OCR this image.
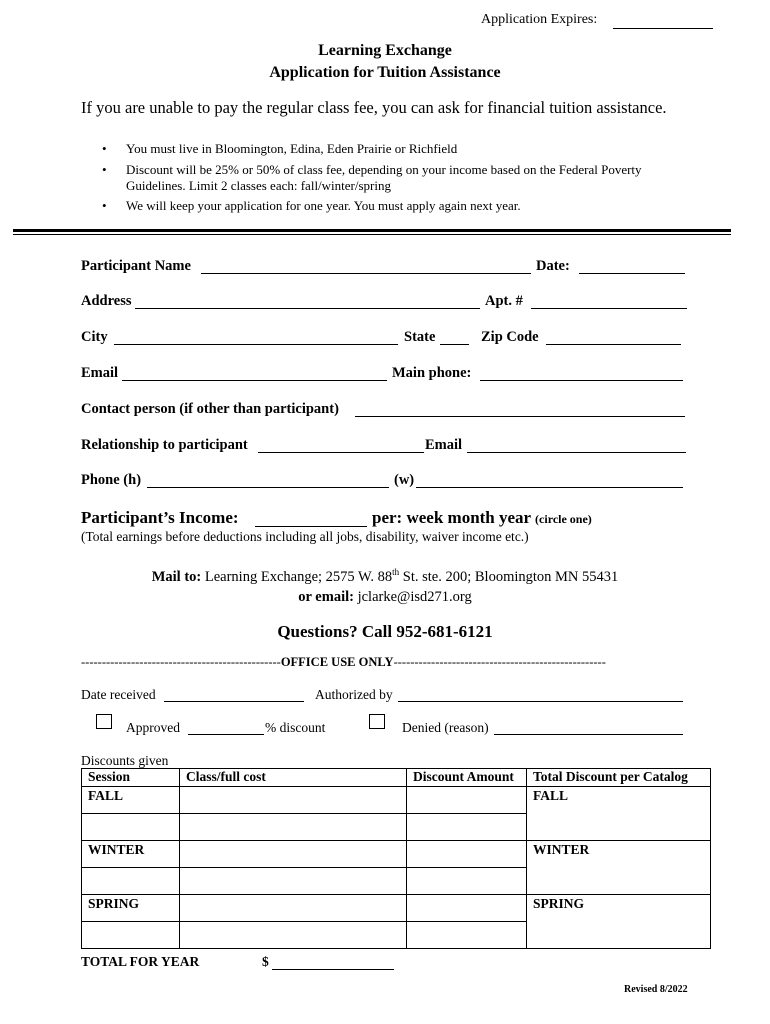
Application Expires:
Learning Exchange
Application for Tuition Assistance
If you are unable to pay the regular class fee, you can ask for financial tuition assistance.
• You must live in Bloomington, Edina, Eden Prairie or Richfield
• Discount will be 25% or 50% of class fee, depending on your income based on the Federal Poverty Guidelines. Limit 2 classes each: fall/winter/spring
• We will keep your application for one year. You must apply again next year.
Participant Name	Date:
Address	Apt. #
City	State	Zip Code
Email	Main phone:
Contact person (if other than participant)
Relationship to participant	Email
Phone (h)	(w)
Participant’s Income:	per: week month year (circle one)
(Total earnings before deductions including all jobs, disability, waiver income etc.)
Mail to: Learning Exchange; 2575 W. 88th St. ste. 200; Bloomington MN 55431
or email: jclarke@isd271.org
Questions? Call 952-681-6121
------------------------------------------------OFFICE USE ONLY---------------------------------------------------
Date received	Authorized by
Approved	% discount	Denied (reason)
Discounts given
Session	Class/full cost	Discount Amount	Total Discount per Catalog
FALL			FALL

WINTER			WINTER

SPRING			SPRING

TOTAL FOR YEAR	$
Revised 8/2022
